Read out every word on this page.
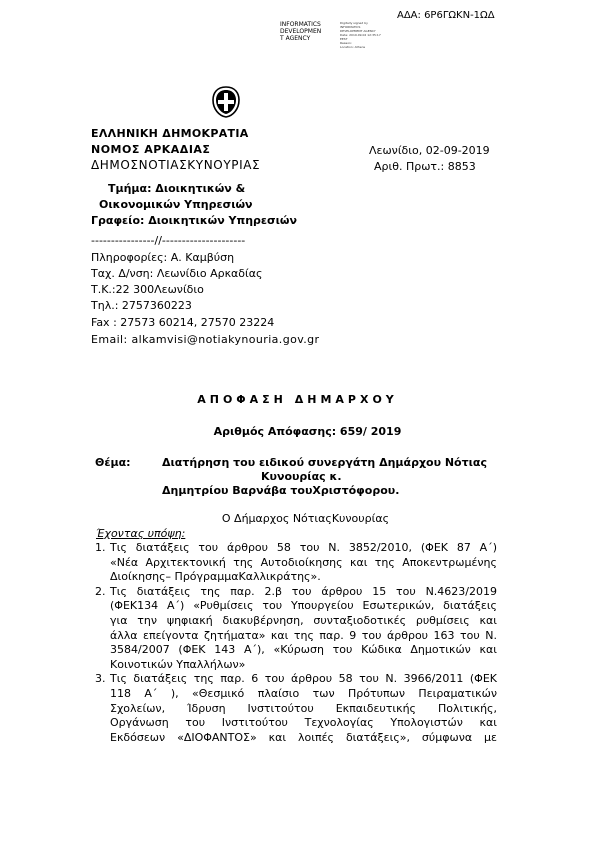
ΑΔΑ: 6Ρ6ΓΩΚΝ-1ΩΔ
INFORMATICS
DEVELOPMEN
T AGENCY
Digitally signed by
INFORMATICS
DEVELOPMENT AGENCY
Date: 2019.09.02 12:35:17
EEST
Reason:
Location: Athens
ΕΛΛΗΝΙΚΗ ΔΗΜΟΚΡΑΤΙΑ
ΝΟΜΟΣ ΑΡΚΑΔΙΑΣ
ΔΗΜΟΣΝΟΤΙΑΣΚΥΝΟΥΡΙΑΣ
Λεωνίδιο, 02-09-2019
Αριθ. Πρωτ.: 8853
Τμήμα: Διοικητικών &
Οικονομικών Υπηρεσιών
Γραφείο: Διοικητικών Υπηρεσιών
----------------//---------------------
Πληροφορίες: Α. Καμβύση
Ταχ. Δ/νση: Λεωνίδιο Αρκαδίας
Τ.Κ.:22 300Λεωνίδιο
Τηλ.: 2757360223
Fax : 27573 60214, 27570 23224
Email: alkamvisi@notiakynouria.gov.gr
ΑΠΟΦΑΣΗ ΔΗΜΑΡΧΟΥ
Αριθμός Απόφασης: 659/ 2019
Θέμα:	Διατήρηση του ειδικού συνεργάτη Δημάρχου Νότιας
Κυνουρίας κ.
Δημητρίου Βαρνάβα τουΧριστόφορου.
Ο Δήμαρχος ΝότιαςΚυνουρίας
Έχοντας υπόψη:
1. Τις διατάξεις του άρθρου 58 του Ν. 3852/2010, (ΦΕΚ 87 Α΄)
«Νέα Αρχιτεκτονική της Αυτοδιοίκησης και της Αποκεντρωμένης
Διοίκησης– ΠρόγραμμαΚαλλικράτης».
2. Τις διατάξεις της παρ. 2.β του άρθρου 15 του Ν.4623/2019
(ΦΕΚ134 Α΄) «Ρυθμίσεις του Υπουργείου Εσωτερικών, διατάξεις
για την ψηφιακή διακυβέρνηση, συνταξιοδοτικές ρυθμίσεις και
άλλα επείγοντα ζητήματα» και της παρ. 9 του άρθρου 163 του Ν.
3584/2007 (ΦΕΚ 143 Α΄), «Κύρωση του Κώδικα Δημοτικών και
Κοινοτικών Υπαλλήλων»
3. Τις διατάξεις της παρ. 6 του άρθρου 58 του Ν. 3966/2011 (ΦΕΚ
118 Α΄ ), «Θεσμικό πλαίσιο των Πρότυπων Πειραματικών
Σχολείων, Ίδρυση Ινστιτούτου Εκπαιδευτικής Πολιτικής,
Οργάνωση του Ινστιτούτου Τεχνολογίας Υπολογιστών και
Εκδόσεων «ΔΙΟΦΑΝΤΟΣ» και λοιπές διατάξεις», σύμφωνα με
